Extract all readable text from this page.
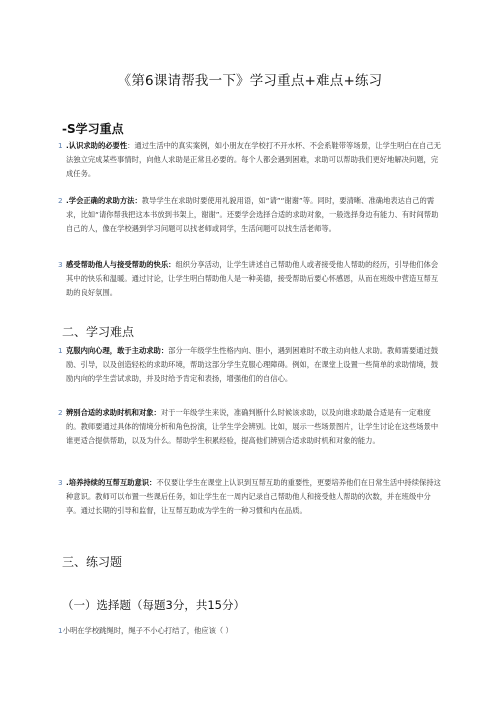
《第6课请帮我一下》学习重点+难点+练习
-S学习重点
1 .认识求助的必要性：通过生活中的真实案例，如小朋友在学校打不开水杯、不会系鞋带等场景，让学生明白在自己无法独立完成某些事情时，向他人求助是正常且必要的。每个人都会遇到困难，求助可以帮助我们更好地解决问题，完成任务。
2 .学会正确的求助方法：教导学生在求助时要使用礼貌用语，如“请”“谢谢”等。同时，要清晰、准确地表达自己的需求，比如“请你帮我把这本书放到书架上，谢谢”。还要学会选择合适的求助对象，一般选择身边有能力、有时间帮助自己的人，像在学校遇到学习问题可以找老师或同学，生活问题可以找生活老师等。
3 感受帮助他人与接受帮助的快乐：组织分享活动，让学生讲述自己帮助他人或者接受他人帮助的经历，引导他们体会其中的快乐和温暖。通过讨论，让学生明白帮助他人是一种美德，接受帮助后要心怀感恩，从而在班级中营造互帮互助的良好氛围。
二、学习难点
1 克服内向心理，敢于主动求助：部分一年级学生性格内向、胆小，遇到困难时不敢主动向他人求助。教师需要通过鼓励、引导，以及创造轻松的求助环境，帮助这部分学生克服心理障碍。例如，在课堂上设置一些简单的求助情境，鼓励内向的学生尝试求助，并及时给予肯定和表扬，增强他们的自信心。
2 辨别合适的求助时机和对象：对于一年级学生来说，准确判断什么时候该求助，以及向谁求助最合适是有一定难度的。教师要通过具体的情境分析和角色扮演，让学生学会辨别。比如，展示一些场景图片，让学生讨论在这些场景中谁更适合提供帮助，以及为什么。帮助学生积累经验，提高他们辨别合适求助时机和对象的能力。
3 .培养持续的互帮互助意识：不仅要让学生在课堂上认识到互帮互助的重要性，更要培养他们在日常生活中持续保持这种意识。教师可以布置一些课后任务，如让学生在一周内记录自己帮助他人和接受他人帮助的次数，并在班级中分享。通过长期的引导和监督，让互帮互助成为学生的一种习惯和内在品质。
三、练习题
（一）选择题（每题3分，共15分）
1小明在学校跳绳时，绳子不小心打结了，他应该（ ）
